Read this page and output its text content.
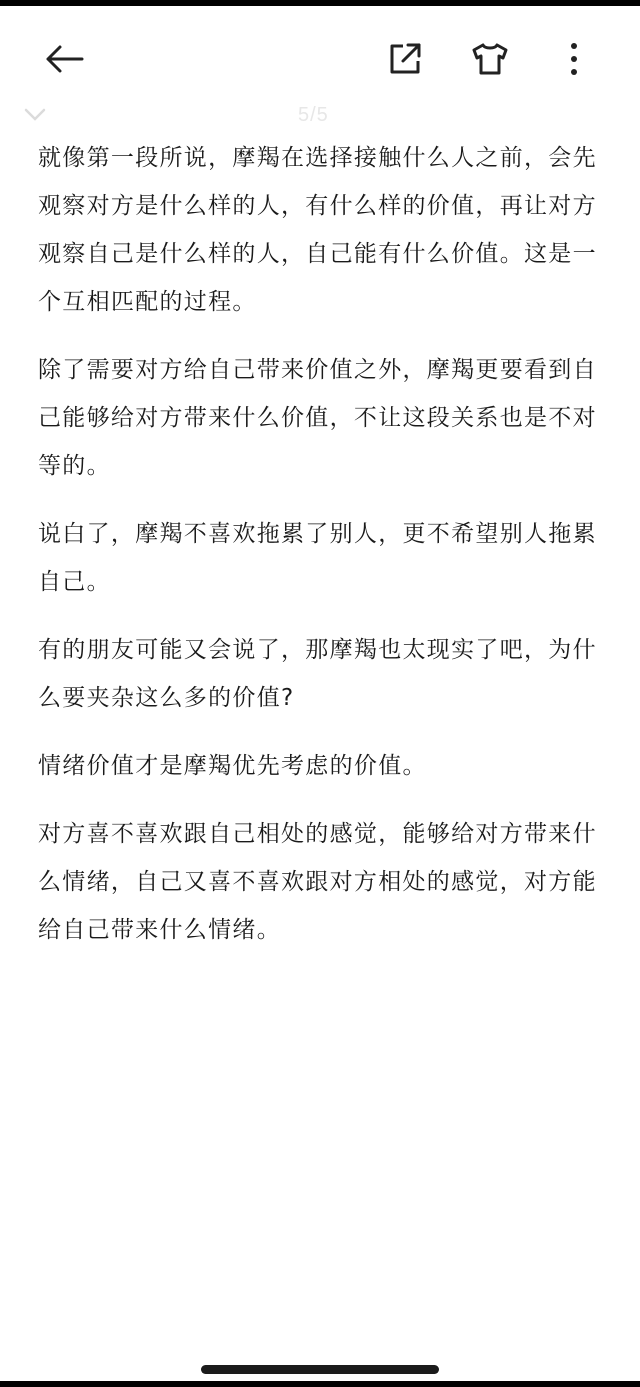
5/5

就像第一段所说，摩羯在选择接触什么人之前，会先观察对方是什么样的人，有什么样的价值，再让对方观察自己是什么样的人，自己能有什么价值。这是一个互相匹配的过程。

除了需要对方给自己带来价值之外，摩羯更要看到自己能够给对方带来什么价值，不让这段关系也是不对等的。

说白了，摩羯不喜欢拖累了别人，更不希望别人拖累自己。

有的朋友可能又会说了，那摩羯也太现实了吧，为什么要夹杂这么多的价值?

情绪价值才是摩羯优先考虑的价值。

对方喜不喜欢跟自己相处的感觉，能够给对方带来什么情绪，自己又喜不喜欢跟对方相处的感觉，对方能给自己带来什么情绪。
